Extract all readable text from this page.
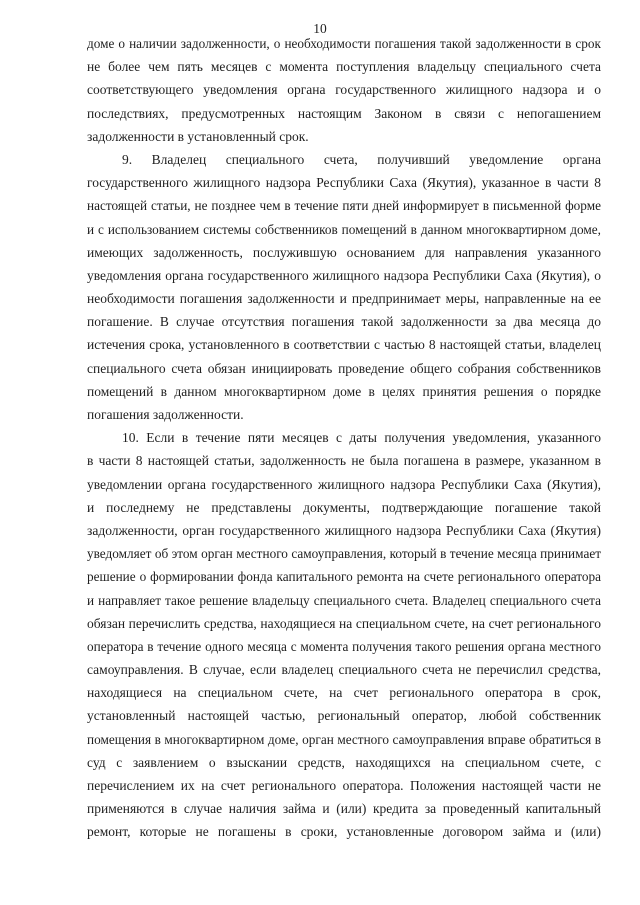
10
доме о наличии задолженности, о необходимости погашения такой задолженности в срок
не более чем пять месяцев с момента поступления владельцу специального счета
соответствующего уведомления органа государственного жилищного надзора и о
последствиях, предусмотренных настоящим Законом в связи с непогашением
задолженности в установленный срок.
9. Владелец специального счета, получивший уведомление органа
государственного жилищного надзора Республики Саха (Якутия), указанное в части 8
настоящей статьи, не позднее чем в течение пяти дней информирует в письменной форме
и с использованием системы собственников помещений в данном многоквартирном доме,
имеющих задолженность, послужившую основанием для направления указанного
уведомления органа государственного жилищного надзора Республики Саха (Якутия), о
необходимости погашения задолженности и предпринимает меры, направленные на ее
погашение. В случае отсутствия погашения такой задолженности за два месяца до
истечения срока, установленного в соответствии с частью 8 настоящей статьи, владелец
специального счета обязан инициировать проведение общего собрания собственников
помещений в данном многоквартирном доме в целях принятия решения о порядке
погашения задолженности.
10. Если в течение пяти месяцев с даты получения уведомления, указанного
в части 8 настоящей статьи, задолженность не была погашена в размере, указанном в
уведомлении органа государственного жилищного надзора Республики Саха (Якутия),
и последнему не представлены документы, подтверждающие погашение такой
задолженности, орган государственного жилищного надзора Республики Саха (Якутия)
уведомляет об этом орган местного самоуправления, который в течение месяца принимает
решение о формировании фонда капитального ремонта на счете регионального оператора
и направляет такое решение владельцу специального счета. Владелец специального счета
обязан перечислить средства, находящиеся на специальном счете, на счет регионального
оператора в течение одного месяца с момента получения такого решения органа местного
самоуправления. В случае, если владелец специального счета не перечислил средства,
находящиеся на специальном счете, на счет регионального оператора в срок,
установленный настоящей частью, региональный оператор, любой собственник
помещения в многоквартирном доме, орган местного самоуправления вправе обратиться в
суд с заявлением о взыскании средств, находящихся на специальном счете, с
перечислением их на счет регионального оператора. Положения настоящей части не
применяются в случае наличия займа и (или) кредита за проведенный капитальный
ремонт, которые не погашены в сроки, установленные договором займа и (или)
